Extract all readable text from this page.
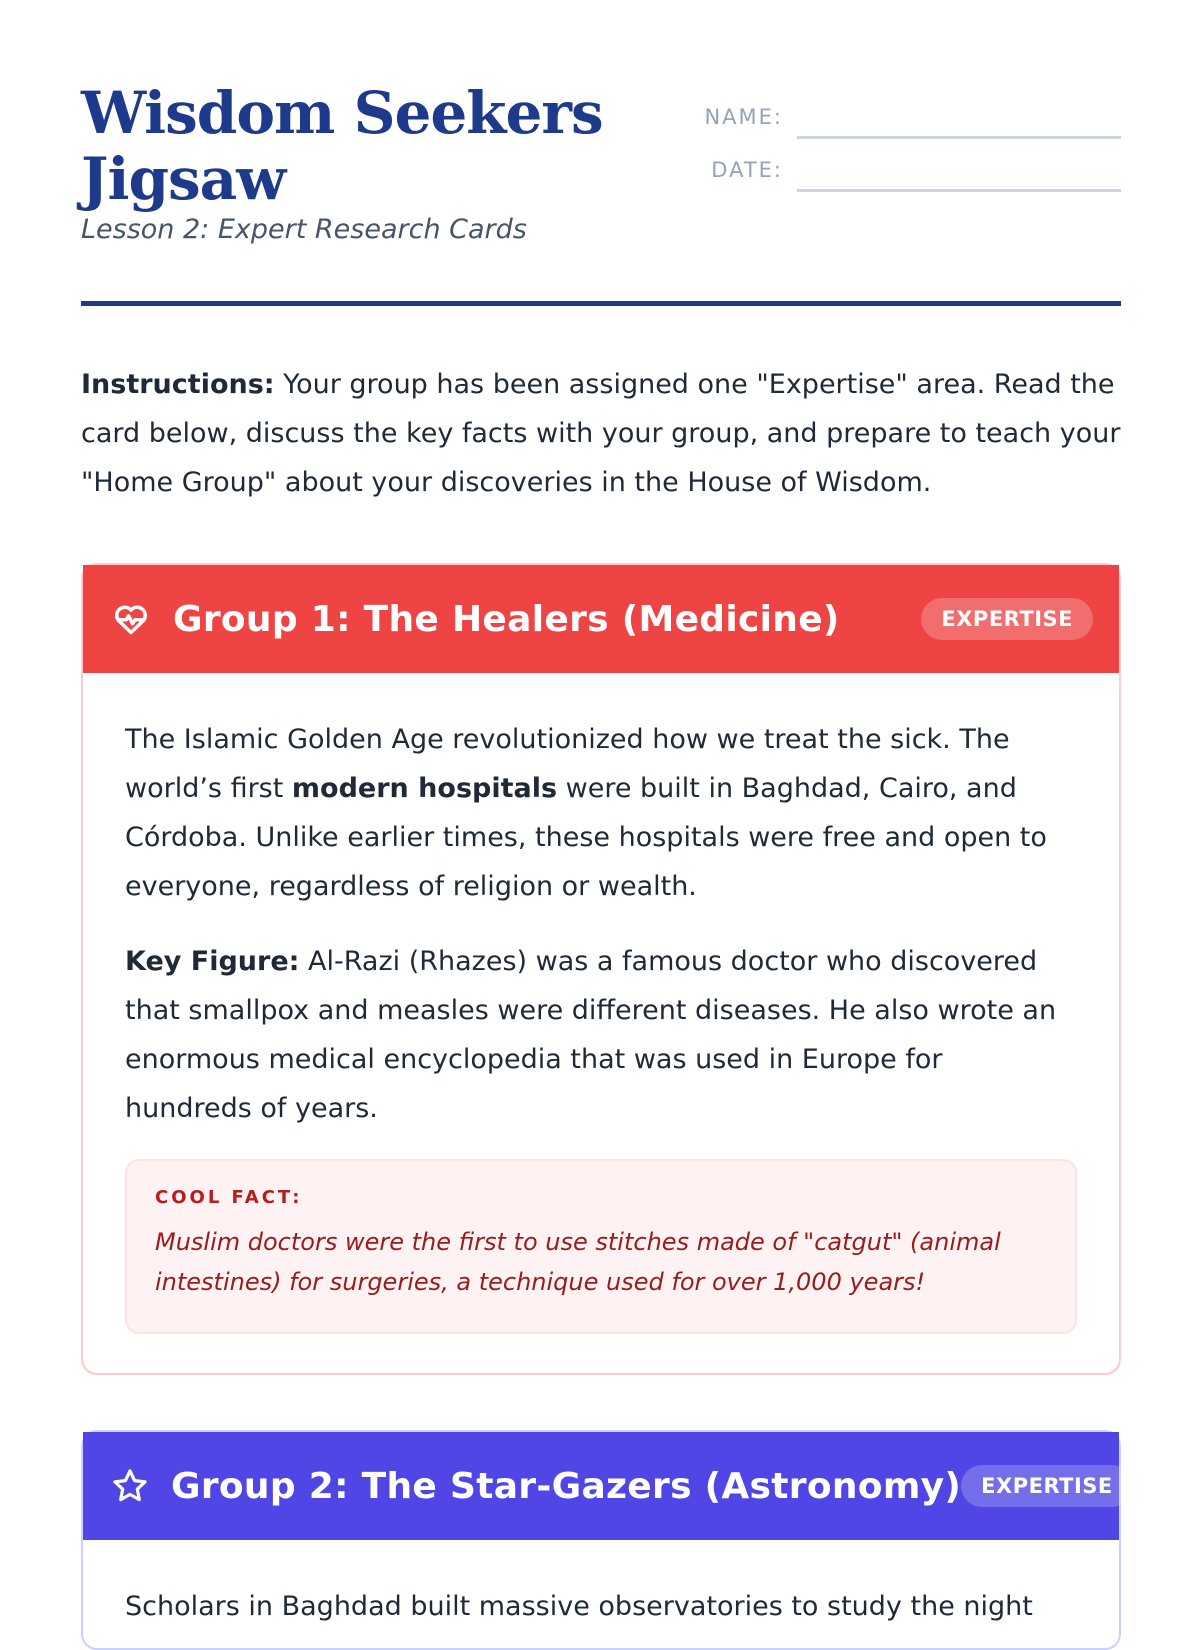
Wisdom Seekers Jigsaw
Lesson 2: Expert Research Cards
NAME:
DATE:

Instructions: Your group has been assigned one "Expertise" area. Read the card below, discuss the key facts with your group, and prepare to teach your "Home Group" about your discoveries in the House of Wisdom.

Group 1: The Healers (Medicine)	EXPERTISE

The Islamic Golden Age revolutionized how we treat the sick. The world’s first modern hospitals were built in Baghdad, Cairo, and Córdoba. Unlike earlier times, these hospitals were free and open to everyone, regardless of religion or wealth.

Key Figure: Al-Razi (Rhazes) was a famous doctor who discovered that smallpox and measles were different diseases. He also wrote an enormous medical encyclopedia that was used in Europe for hundreds of years.

COOL FACT:
Muslim doctors were the first to use stitches made of "catgut" (animal intestines) for surgeries, a technique used for over 1,000 years!
Group 2: The Star-Gazers (Astronomy) EXPERTISE

Scholars in Baghdad built massive observatories to study the night
